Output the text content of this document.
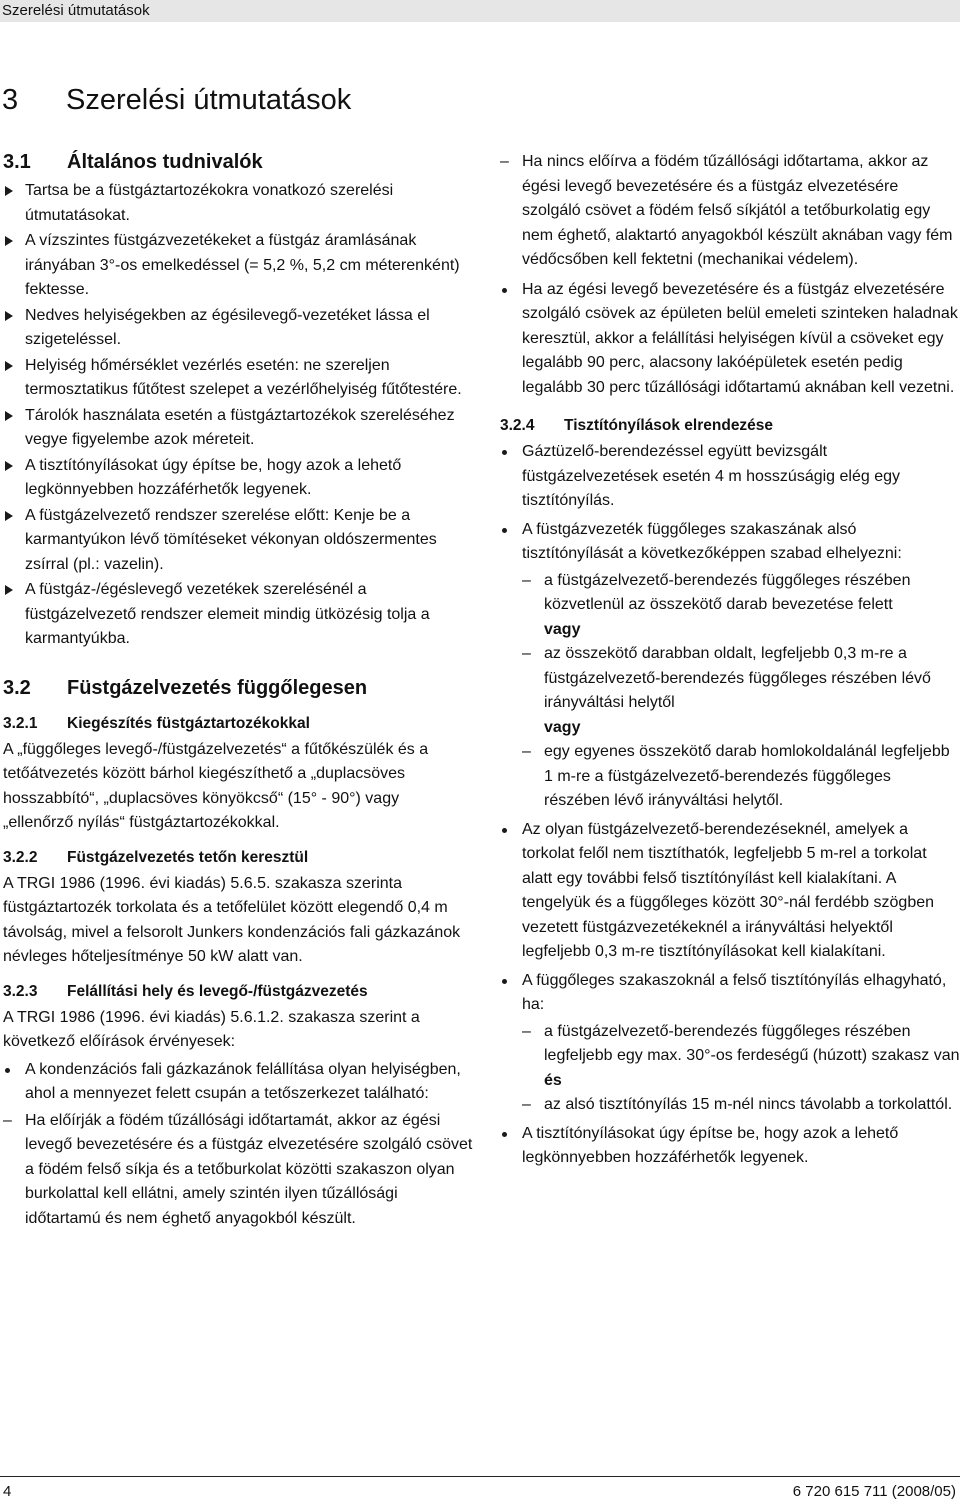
Szerelési útmutatások
3 Szerelési útmutatások
3.1 Általános tudnivalók
Tartsa be a füstgáztartozékokra vonatkozó szerelési útmutatásokat.
A vízszintes füstgázvezetékeket a füstgáz áramlásának irányában 3°-os emelkedéssel (= 5,2 %, 5,2 cm méterenként) fektesse.
Nedves helyiségekben az égésilevegő-vezetéket lássa el szigeteléssel.
Helyiség hőmérséklet vezérlés esetén: ne szereljen termosztatikus fűtőtest szelepet a vezérlőhelyiség fűtőtestére.
Tárolók használata esetén a füstgáztartozékok szereléséhez vegye figyelembe azok méreteit.
A tisztítónyílásokat úgy építse be, hogy azok a lehető legkönnyebben hozzáférhetők legyenek.
A füstgázelvezető rendszer szerelése előtt: Kenje be a karmantyúkon lévő tömítéseket vékonyan oldószermentes zsírral (pl.: vazelin).
A füstgáz-/égéslevegő vezetékek szerelésénél a füstgázelvezető rendszer elemeit mindig ütközésig tolja a karmantyúkba.
3.2 Füstgázelvezetés függőlegesen
3.2.1 Kiegészítés füstgáztartozékokkal

A „függőleges levegő-/füstgázelvezetés“ a fűtőkészülék és a tetőátvezetés között bárhol kiegészíthető a „duplacsöves hosszabbító“, „duplacsöves könyökcső“ (15° - 90°) vagy „ellenőrző nyílás“ füstgáztartozékokkal.

3.2.2 Füstgázelvezetés tetőn keresztül

A TRGI 1986 (1996. évi kiadás) 5.6.5. szakasza szerinta füstgáztartozék torkolata és a tetőfelület között elegendő 0,4 m távolság, mivel a felsorolt Junkers kondenzációs fali gázkazánok névleges hőteljesítménye 50 kW alatt van.

3.2.3 Felállítási hely és levegő-/füstgázvezetés

A TRGI 1986 (1996. évi kiadás) 5.6.1.2. szakasza szerint a következő előírások érvényesek:

A kondenzációs fali gázkazánok felállítása olyan helyiségben, ahol a mennyezet felett csupán a tetőszerkezet található:
– Ha előírják a födém tűzállósági időtartamát, akkor az égési levegő bevezetésére és a füstgáz elvezetésére szolgáló csövet a födém felső síkja és a tetőburkolat közötti szakaszon olyan burkolattal kell ellátni, amely szintén ilyen tűzállósági időtartamú és nem éghető anyagokból készült.
– Ha nincs előírva a födém tűzállósági időtartama, akkor az égési levegő bevezetésére és a füstgáz elvezetésére szolgáló csövet a födém felső síkjától a tetőburkolatig egy nem éghető, alaktartó anyagokból készült aknában vagy fém védőcsőben kell fektetni (mechanikai védelem).
Ha az égési levegő bevezetésére és a füstgáz elvezetésére szolgáló csövek az épületen belül emeleti szinteken haladnak keresztül, akkor a felállítási helyiségen kívül a csöveket egy legalább 90 perc, alacsony lakóépületek esetén pedig legalább 30 perc tűzállósági időtartamú aknában kell vezetni.
3.2.4 Tisztítónyílások elrendezése
Gáztüzelő-berendezéssel együtt bevizsgált füstgázelvezetések esetén 4 m hosszúságig elég egy tisztítónyílás.
A füstgázvezeték függőleges szakaszának alsó tisztítónyílását a következőképpen szabad elhelyezni:
– a füstgázelvezető-berendezés függőleges részében közvetlenül az összekötő darab bevezetése felett
vagy
– az összekötő darabban oldalt, legfeljebb 0,3 m-re a füstgázelvezető-berendezés függőleges részében lévő irányváltási helytől
vagy
– egy egyenes összekötő darab homlokoldalánál legfeljebb 1 m-re a füstgázelvezető-berendezés függőleges részében lévő irányváltási helytől.
Az olyan füstgázelvezető-berendezéseknél, amelyek a torkolat felől nem tisztíthatók, legfeljebb 5 m-rel a torkolat alatt egy további felső tisztítónyílást kell kialakítani. A tengelyük és a függőleges között 30°-nál ferdébb szögben vezetett füstgázvezetékeknél a irányváltási helyektől legfeljebb 0,3 m-re tisztítónyílásokat kell kialakítani.
A függőleges szakaszoknál a felső tisztítónyílás elhagyható, ha:
– a füstgázelvezető-berendezés függőleges részében legfeljebb egy max. 30°-os ferdeségű (húzott) szakasz van
és
– az alsó tisztítónyílás 15 m-nél nincs távolabb a torkolattól.
A tisztítónyílásokat úgy építse be, hogy azok a lehető legkönnyebben hozzáférhetők legyenek.
4	6 720 615 711 (2008/05)
